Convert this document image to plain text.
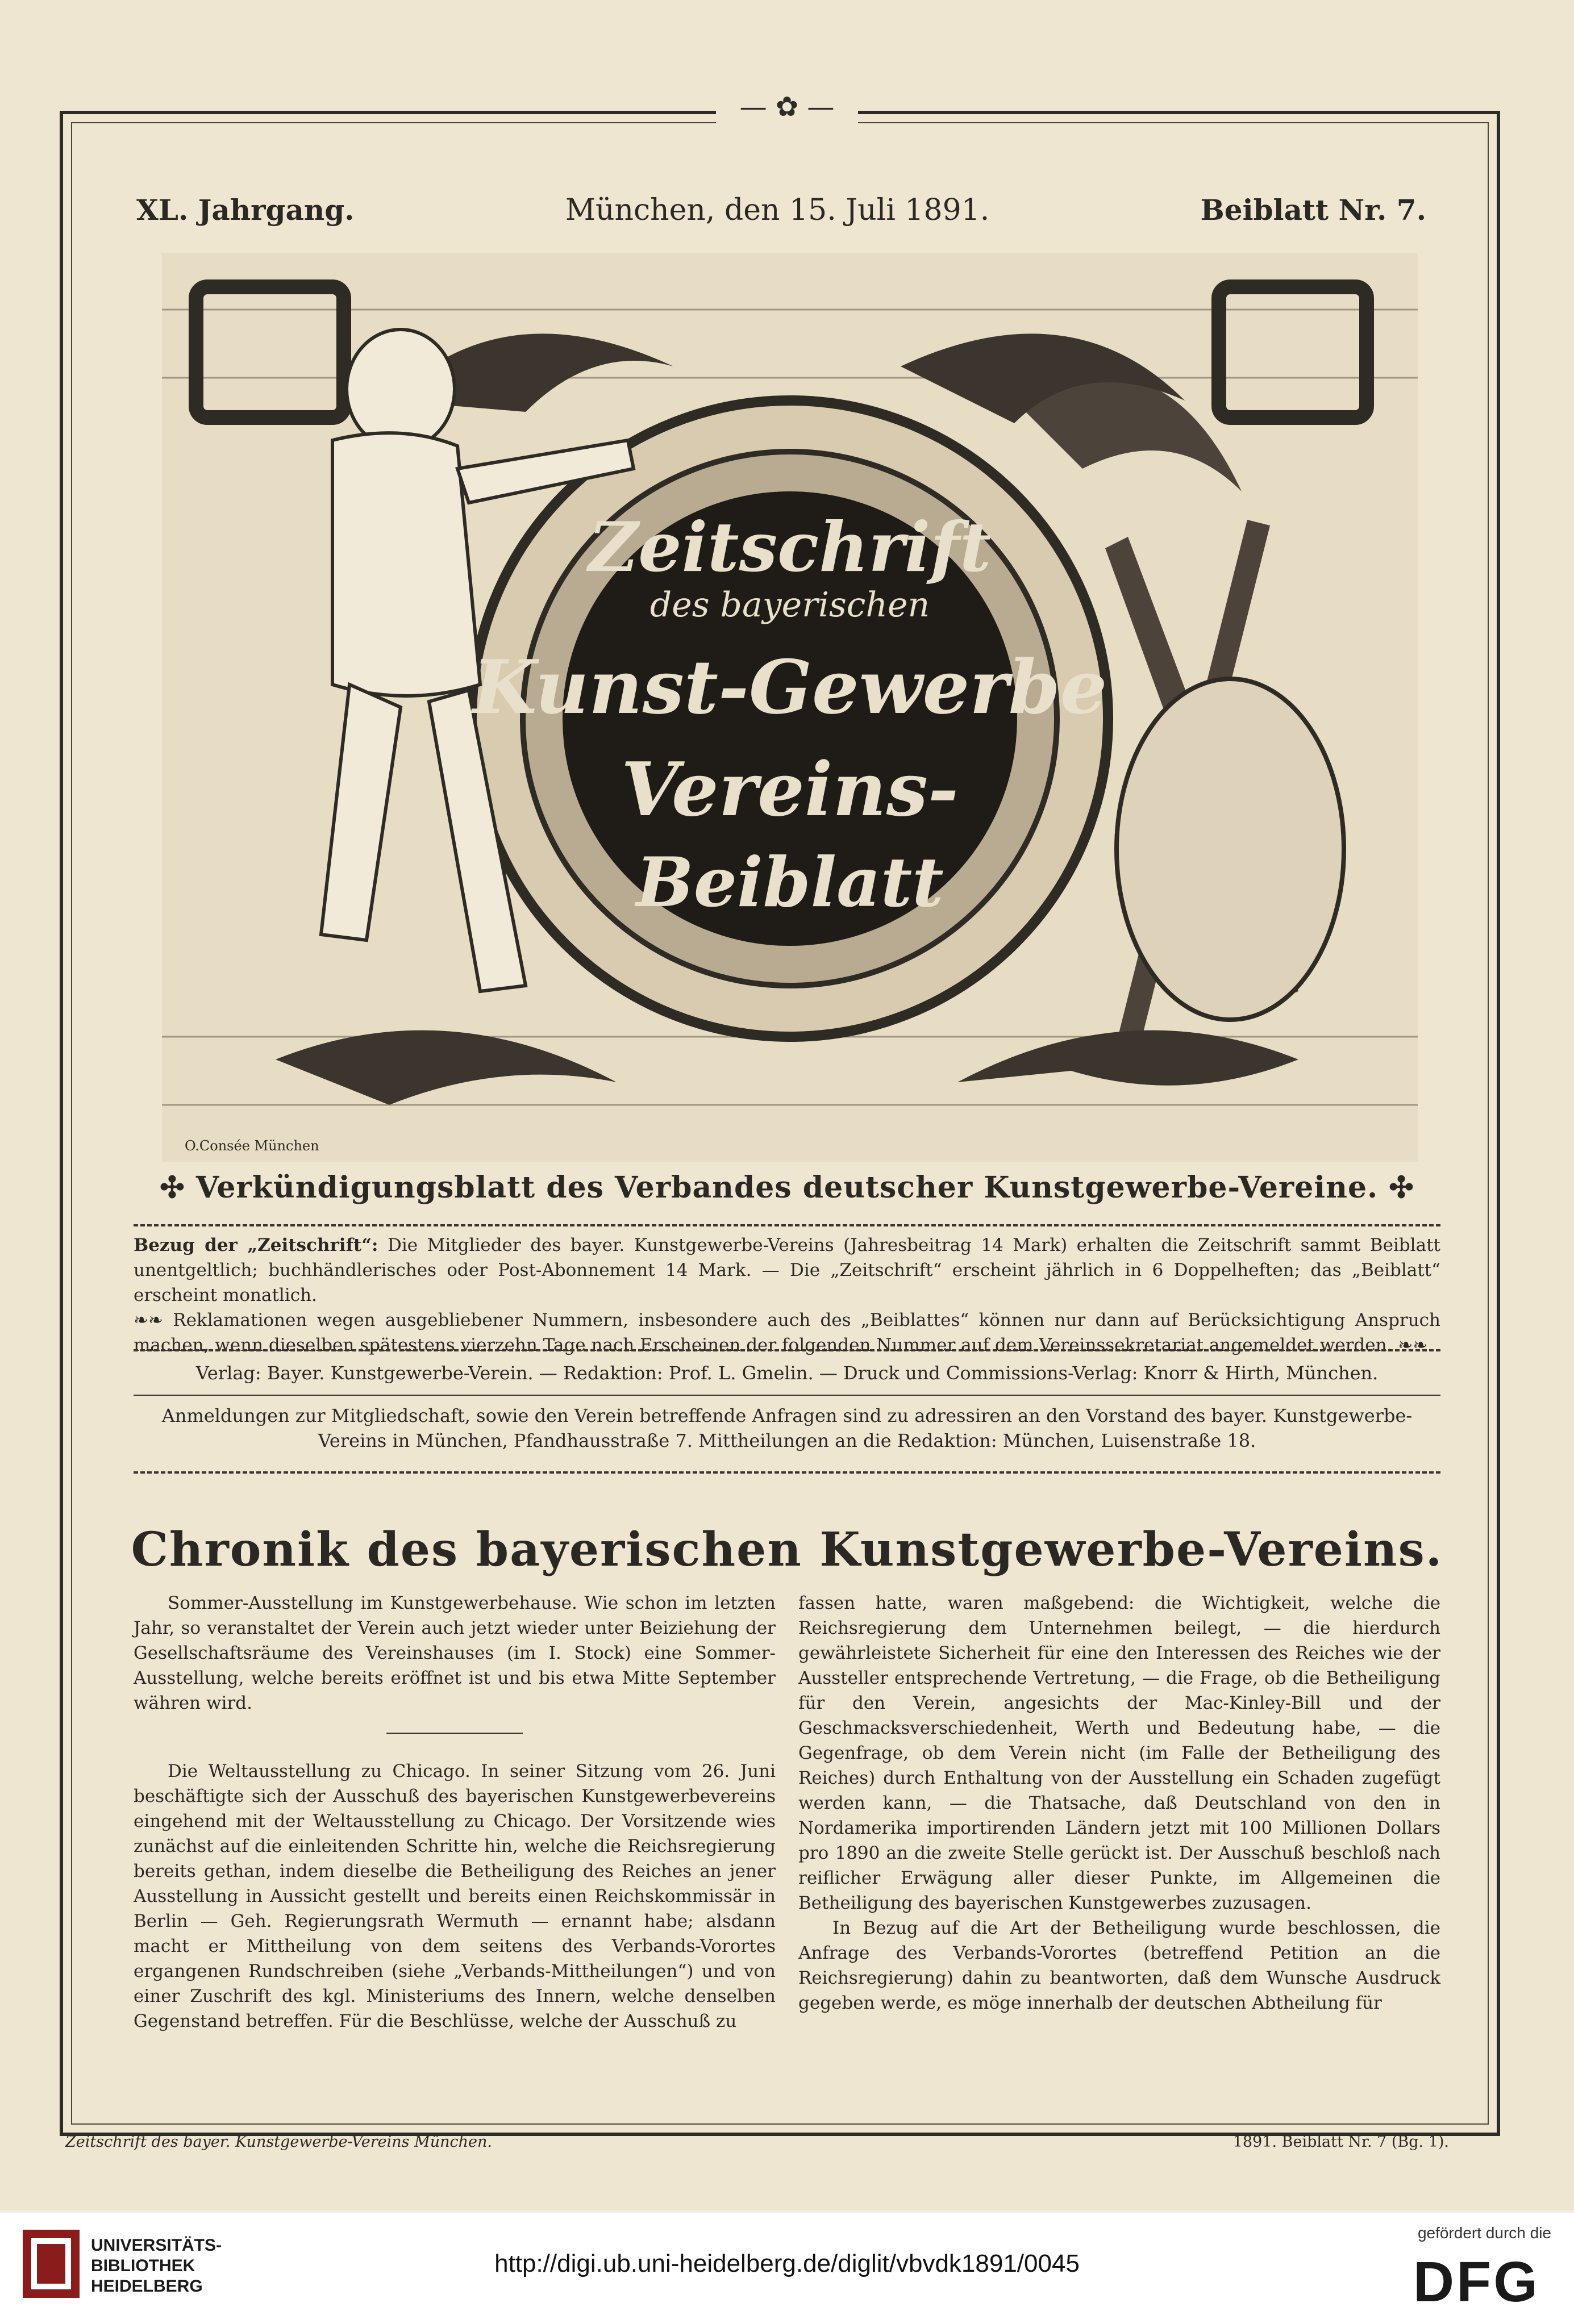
— ✿ —
XL. Jahrgang.	München, den 15. Juli 1891.	Beiblatt Nr. 7.
Zeitschrift
des bayerischen
Kunst-Gewerbe
Vereins-
Beiblatt
O.Consée München
✣ Verkündigungsblatt des Verbandes deutscher Kunstgewerbe-Vereine. ✣
Bezug der „Zeitschrift“: Die Mitglieder des bayer. Kunstgewerbe-Vereins (Jahresbeitrag 14 Mark) erhalten die Zeitschrift sammt Beiblatt unentgeltlich; buchhändlerisches oder Post-Abonnement 14 Mark. — Die „Zeitschrift“ erscheint jährlich in 6 Doppelheften; das „Beiblatt“ erscheint monatlich.
❧❧ Reklamationen wegen ausgebliebener Nummern, insbesondere auch des „Beiblattes“ können nur dann auf Berücksichtigung Anspruch machen, wenn dieselben spätestens vierzehn Tage nach Erscheinen der folgenden Nummer auf dem Vereinssekretariat angemeldet werden. ❧❧
Verlag: Bayer. Kunstgewerbe-Verein. — Redaktion: Prof. L. Gmelin. — Druck und Commissions-Verlag: Knorr & Hirth, München.
Anmeldungen zur Mitgliedschaft, sowie den Verein betreffende Anfragen sind zu adressiren an den Vorstand des bayer. Kunstgewerbe-Vereins in München, Pfandhausstraße 7. Mittheilungen an die Redaktion: München, Luisenstraße 18.
Chronik des bayerischen Kunstgewerbe-Vereins.

Sommer-Ausstellung im Kunstgewerbehause. Wie schon im letzten Jahr, so veranstaltet der Verein auch jetzt wieder unter Beiziehung der Gesellschaftsräume des Vereinshauses (im I. Stock) eine Sommer-Ausstellung, welche bereits eröffnet ist und bis etwa Mitte September währen wird.

Die Weltausstellung zu Chicago. In seiner Sitzung vom 26. Juni beschäftigte sich der Ausschuß des bayerischen Kunstgewerbevereins eingehend mit der Weltausstellung zu Chicago. Der Vorsitzende wies zunächst auf die einleitenden Schritte hin, welche die Reichsregierung bereits gethan, indem dieselbe die Betheiligung des Reiches an jener Ausstellung in Aussicht gestellt und bereits einen Reichskommissär in Berlin — Geh. Regierungsrath Wermuth — ernannt habe; alsdann macht er Mittheilung von dem seitens des Verbands-Vorortes ergangenen Rundschreiben (siehe „Verbands-Mittheilungen“) und von einer Zuschrift des kgl. Ministeriums des Innern, welche denselben Gegenstand betreffen. Für die Beschlüsse, welche der Ausschuß zu

fassen hatte, waren maßgebend: die Wichtigkeit, welche die Reichsregierung dem Unternehmen beilegt, — die hierdurch gewährleistete Sicherheit für eine den Interessen des Reiches wie der Aussteller entsprechende Vertretung, — die Frage, ob die Betheiligung für den Verein, angesichts der Mac-Kinley-Bill und der Geschmacksverschiedenheit, Werth und Bedeutung habe, — die Gegenfrage, ob dem Verein nicht (im Falle der Betheiligung des Reiches) durch Enthaltung von der Ausstellung ein Schaden zugefügt werden kann, — die Thatsache, daß Deutschland von den in Nordamerika importirenden Ländern jetzt mit 100 Millionen Dollars pro 1890 an die zweite Stelle gerückt ist. Der Ausschuß beschloß nach reiflicher Erwägung aller dieser Punkte, im Allgemeinen die Betheiligung des bayerischen Kunstgewerbes zuzusagen.

In Bezug auf die Art der Betheiligung wurde beschlossen, die Anfrage des Verbands-Vorortes (betreffend Petition an die Reichsregierung) dahin zu beantworten, daß dem Wunsche Ausdruck gegeben werde, es möge innerhalb der deutschen Abtheilung für

Zeitschrift des bayer. Kunstgewerbe-Vereins München.	1891. Beiblatt Nr. 7 (Bg. 1).
UNIVERSITÄTS-
BIBLIOTHEK
HEIDELBERG
http://digi.ub.uni-heidelberg.de/diglit/vbvdk1891/0045
gefördert durch die
DFG
